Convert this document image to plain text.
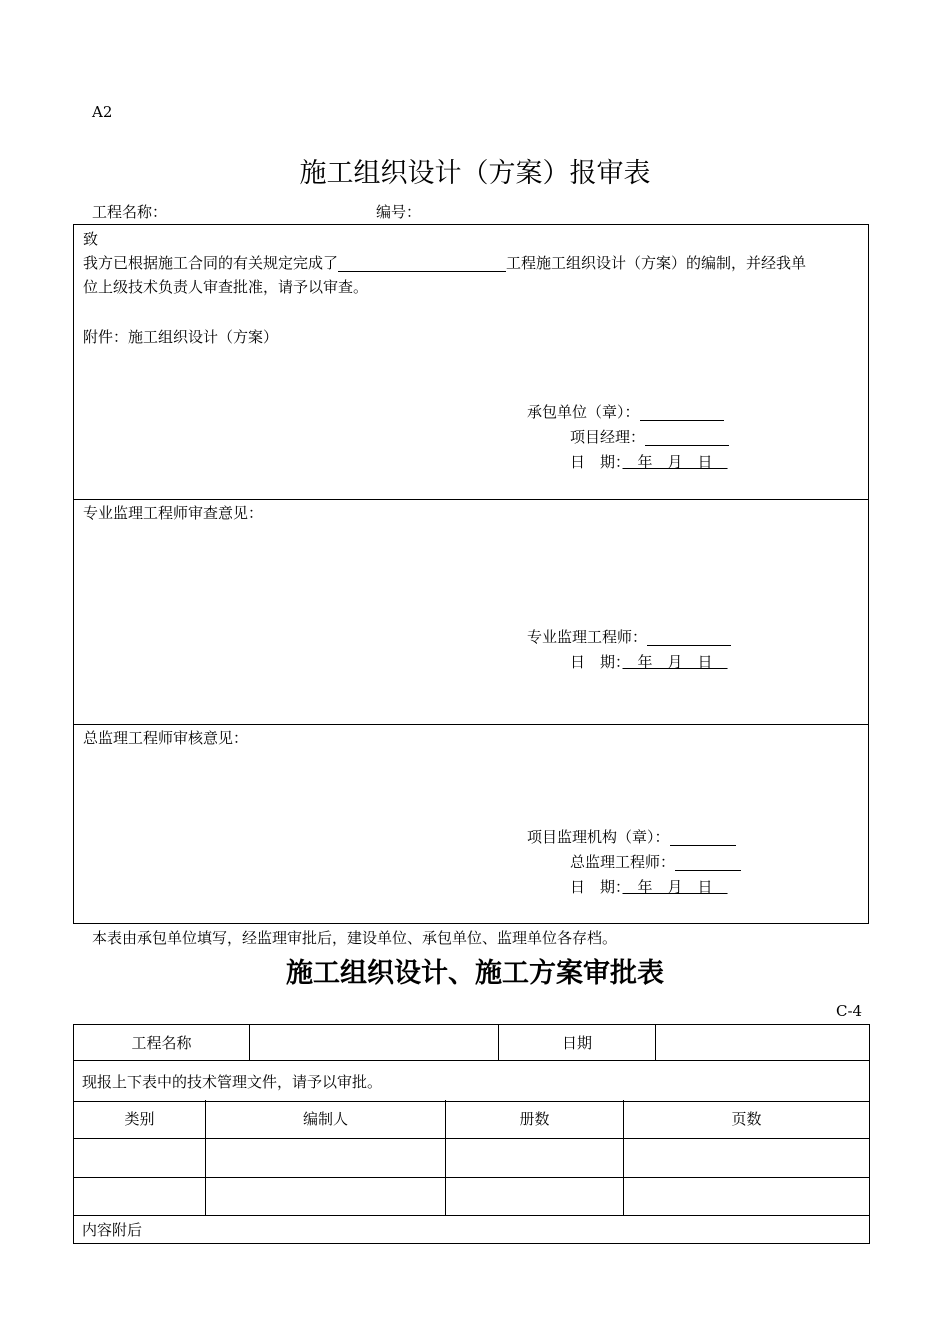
A2
施工组织设计（方案）报审表
工程名称：	编号：
致
我方已根据施工合同的有关规定完成了	工程施工组织设计（方案）的编制，并经我单
位上级技术负责人审查批准，请予以审查。
附件：施工组织设计（方案）
承包单位（章）：
项目经理：
日　期：　年　月　日　
专业监理工程师审查意见：
专业监理工程师：
日　期：　年　月　日　
总监理工程师审核意见：
项目监理机构（章）：
总监理工程师：
日　期：　年　月　日　
本表由承包单位填写，经监理审批后，建设单位、承包单位、监理单位各存档。
施工组织设计、施工方案审批表
C-4
工程名称		日期	
现报上下表中的技术管理文件，请予以审批。
类别	编制人	册数	页数

内容附后			
